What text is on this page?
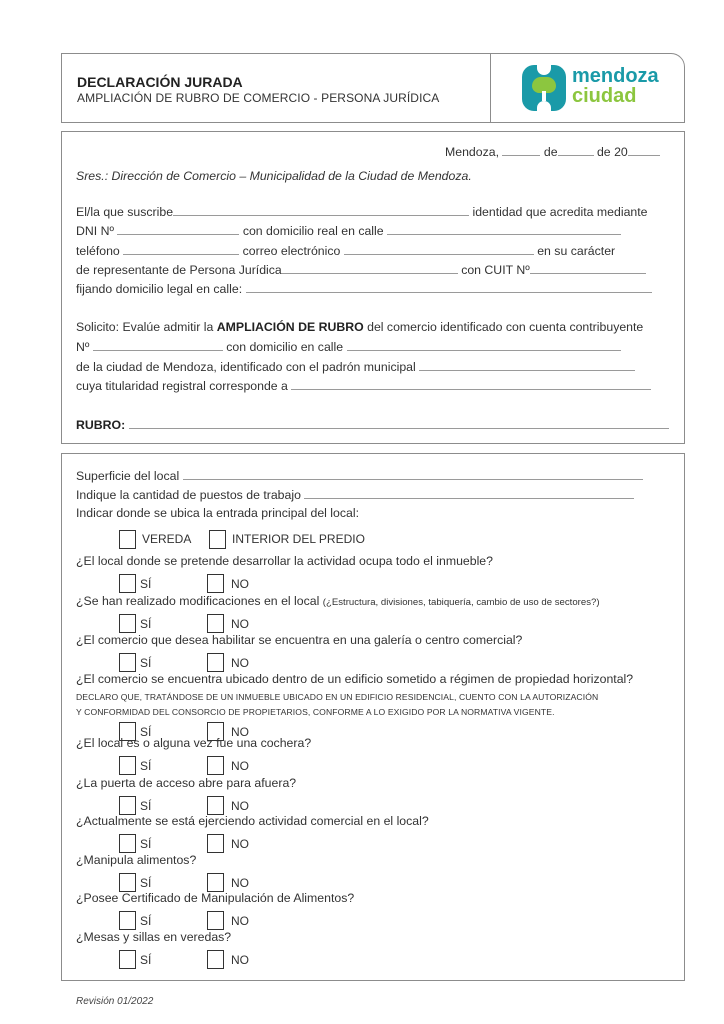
DECLARACIÓN JURADA
AMPLIACIÓN DE RUBRO DE COMERCIO - PERSONA JURÍDICA
mendoza
ciudad
Mendoza,	de	de 20
Sres.: Dirección de Comercio – Municipalidad de la Ciudad de Mendoza.
El/la que suscribe	identidad que acredita mediante
DNI Nº	con domicilio real en calle
teléfono	correo electrónico	en su carácter
de representante de Persona Jurídica	con CUIT Nº
fijando domicilio legal en calle:
Solicito: Evalúe admitir la AMPLIACIÓN DE RUBRO del comercio identificado con cuenta contribuyente
Nº	con domicilio en calle
de la ciudad de Mendoza, identificado con el padrón municipal
cuya titularidad registral corresponde a
RUBRO:
Superficie del local
Indique la cantidad de puestos de trabajo
Indicar donde se ubica la entrada principal del local:
VEREDA	INTERIOR DEL PREDIO
¿El local donde se pretende desarrollar la actividad ocupa todo el inmueble?
SÍ	NO
¿Se han realizado modificaciones en el local (¿Estructura, divisiones, tabiquería, cambio de uso de sectores?)
SÍ	NO
¿El comercio que desea habilitar se encuentra en una galería o centro comercial?
SÍ	NO
¿El comercio se encuentra ubicado dentro de un edificio sometido a régimen de propiedad horizontal?
DECLARO QUE, TRATÁNDOSE DE UN INMUEBLE UBICADO EN UN EDIFICIO RESIDENCIAL, CUENTO CON LA AUTORIZACIÓN
Y CONFORMIDAD DEL CONSORCIO DE PROPIETARIOS, CONFORME A LO EXIGIDO POR LA NORMATIVA VIGENTE.
SÍ	NO
¿El local es o alguna vez fue una cochera?
SÍ	NO
¿La puerta de acceso abre para afuera?
SÍ	NO
¿Actualmente se está ejerciendo actividad comercial en el local?
SÍ	NO
¿Manipula alimentos?
SÍ	NO
¿Posee Certificado de Manipulación de Alimentos?
SÍ	NO
¿Mesas y sillas en veredas?
SÍ	NO
Revisión 01/2022
